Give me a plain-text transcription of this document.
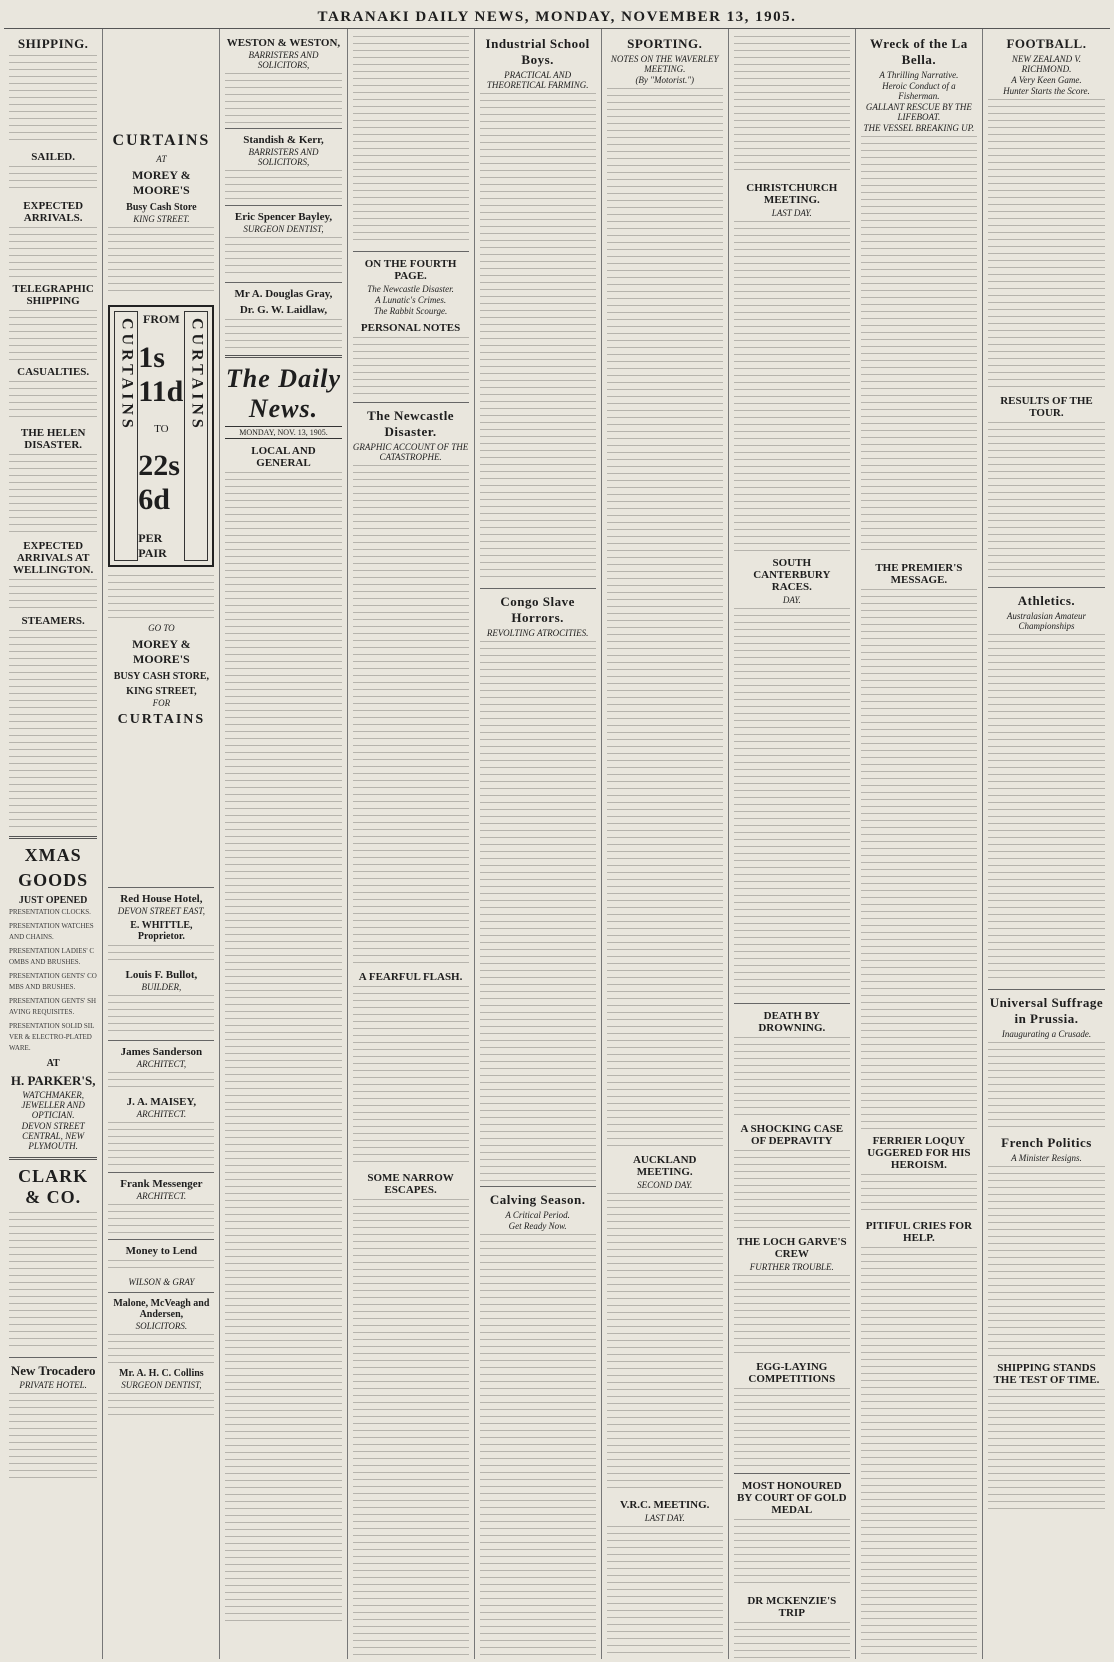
TARANAKI DAILY NEWS, MONDAY, NOVEMBER 13, 1905.
SHIPPING.
SAILED.
EXPECTED ARRIVALS.
TELEGRAPHIC SHIPPING
CASUALTIES.
THE HELEN DISASTER.
EXPECTED ARRIVALS AT WELLINGTON.
STEAMERS.
XMAS
GOODS
JUST OPENED
PRESENTATION CLOCKS.
PRESENTATION WATCHES AND CHAINS.
PRESENTATION LADIES' COMBS AND BRUSHES.
PRESENTATION GENTS' COMBS AND BRUSHES.
PRESENTATION GENTS' SHAVING REQUISITES.
PRESENTATION SOLID SILVER & ELECTRO-PLATED WARE.
AT
H. PARKER'S,
WATCHMAKER, JEWELLER AND OPTICIAN.
DEVON STREET CENTRAL, NEW PLYMOUTH.
CLARK & CO.
New Trocadero
PRIVATE HOTEL.
CURTAINS
AT
MOREY & MOORE'S
Busy Cash Store
KING STREET.
CURTAINS FROM
1s 11d
TO
22s 6d
PER PAIR
CURTAINS
GO TO
MOREY & MOORE'S
BUSY CASH STORE,
KING STREET,
FOR
CURTAINS
Red House Hotel,
DEVON STREET EAST,
E. WHITTLE, Proprietor.
Louis F. Bullot,
BUILDER,
James Sanderson
ARCHITECT,
J. A. MAISEY,
ARCHITECT.
Frank Messenger
ARCHITECT.
Money to Lend
WILSON & GRAY
Malone, McVeagh and Andersen,
SOLICITORS.
Mr. A. H. C. Collins
SURGEON DENTIST,
WESTON & WESTON,
BARRISTERS AND SOLICITORS,
Standish & Kerr,
BARRISTERS AND SOLICITORS,
Eric Spencer Bayley,
SURGEON DENTIST,
Mr A. Douglas Gray,
Dr. G. W. Laidlaw,
The Daily News.
MONDAY, NOV. 13, 1905.
LOCAL AND GENERAL
ON THE FOURTH PAGE.
The Newcastle Disaster.
A Lunatic's Crimes.
The Rabbit Scourge.
PERSONAL NOTES
The Newcastle Disaster.
GRAPHIC ACCOUNT OF THE CATASTROPHE.
A FEARFUL FLASH.
SOME NARROW ESCAPES.
Industrial School Boys.
PRACTICAL AND THEORETICAL FARMING.
Congo Slave Horrors.
REVOLTING ATROCITIES.
Calving Season.
A Critical Period.
Get Ready Now.
SPORTING.
NOTES ON THE WAVERLEY MEETING.
(By "Motorist.")
AUCKLAND MEETING.
SECOND DAY.
V.R.C. MEETING.
LAST DAY.
CHRISTCHURCH MEETING.
LAST DAY.
SOUTH CANTERBURY RACES.
DAY.
DEATH BY DROWNING.
A SHOCKING CASE OF DEPRAVITY
THE LOCH GARVE'S CREW
FURTHER TROUBLE.
EGG-LAYING COMPETITIONS
MOST HONOURED BY COURT OF GOLD MEDAL
DR MCKENZIE'S TRIP
Wreck of the La Bella.
A Thrilling Narrative.
Heroic Conduct of a Fisherman.
GALLANT RESCUE BY THE LIFEBOAT.
THE VESSEL BREAKING UP.
THE PREMIER'S MESSAGE.
FERRIER LOQUY UGGERED FOR HIS HEROISM.
PITIFUL CRIES FOR HELP.
FOOTBALL.
NEW ZEALAND V. RICHMOND.
A Very Keen Game.
Hunter Starts the Score.
RESULTS OF THE TOUR.
Athletics.
Australasian Amateur Championships
Universal Suffrage in Prussia.
Inaugurating a Crusade.
French Politics
A Minister Resigns.
SHIPPING STANDS THE TEST OF TIME.
